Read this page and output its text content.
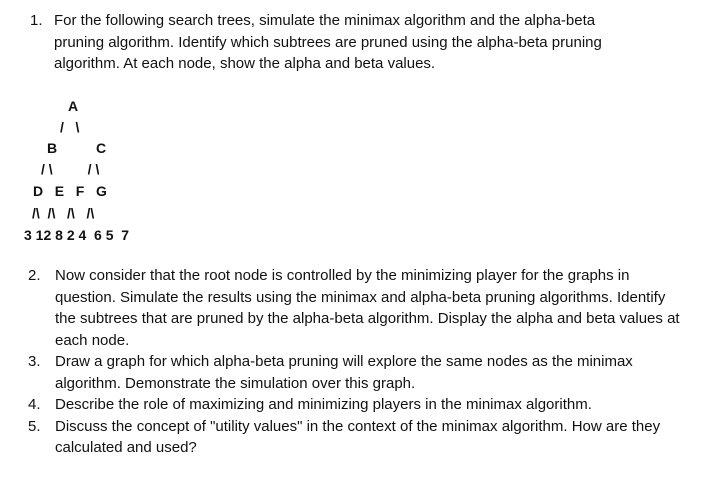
1. For the following search trees, simulate the minimax algorithm and the alpha-beta
pruning algorithm. Identify which subtrees are pruned using the alpha-beta pruning
algorithm. At each node, show the alpha and beta values.
A
/   \
B          C
/ \         / \
D   E   F   G
/\  /\   /\   /\
3 12 8 2 4  6 5  7
2. Now consider that the root node is controlled by the minimizing player for the graphs in question. Simulate the results using the minimax and alpha-beta pruning algorithms. Identify the subtrees that are pruned by the alpha-beta algorithm. Display the alpha and beta values at each node.
3. Draw a graph for which alpha-beta pruning will explore the same nodes as the minimax algorithm. Demonstrate the simulation over this graph.
4. Describe the role of maximizing and minimizing players in the minimax algorithm.
5. Discuss the concept of "utility values" in the context of the minimax algorithm. How are they calculated and used?
